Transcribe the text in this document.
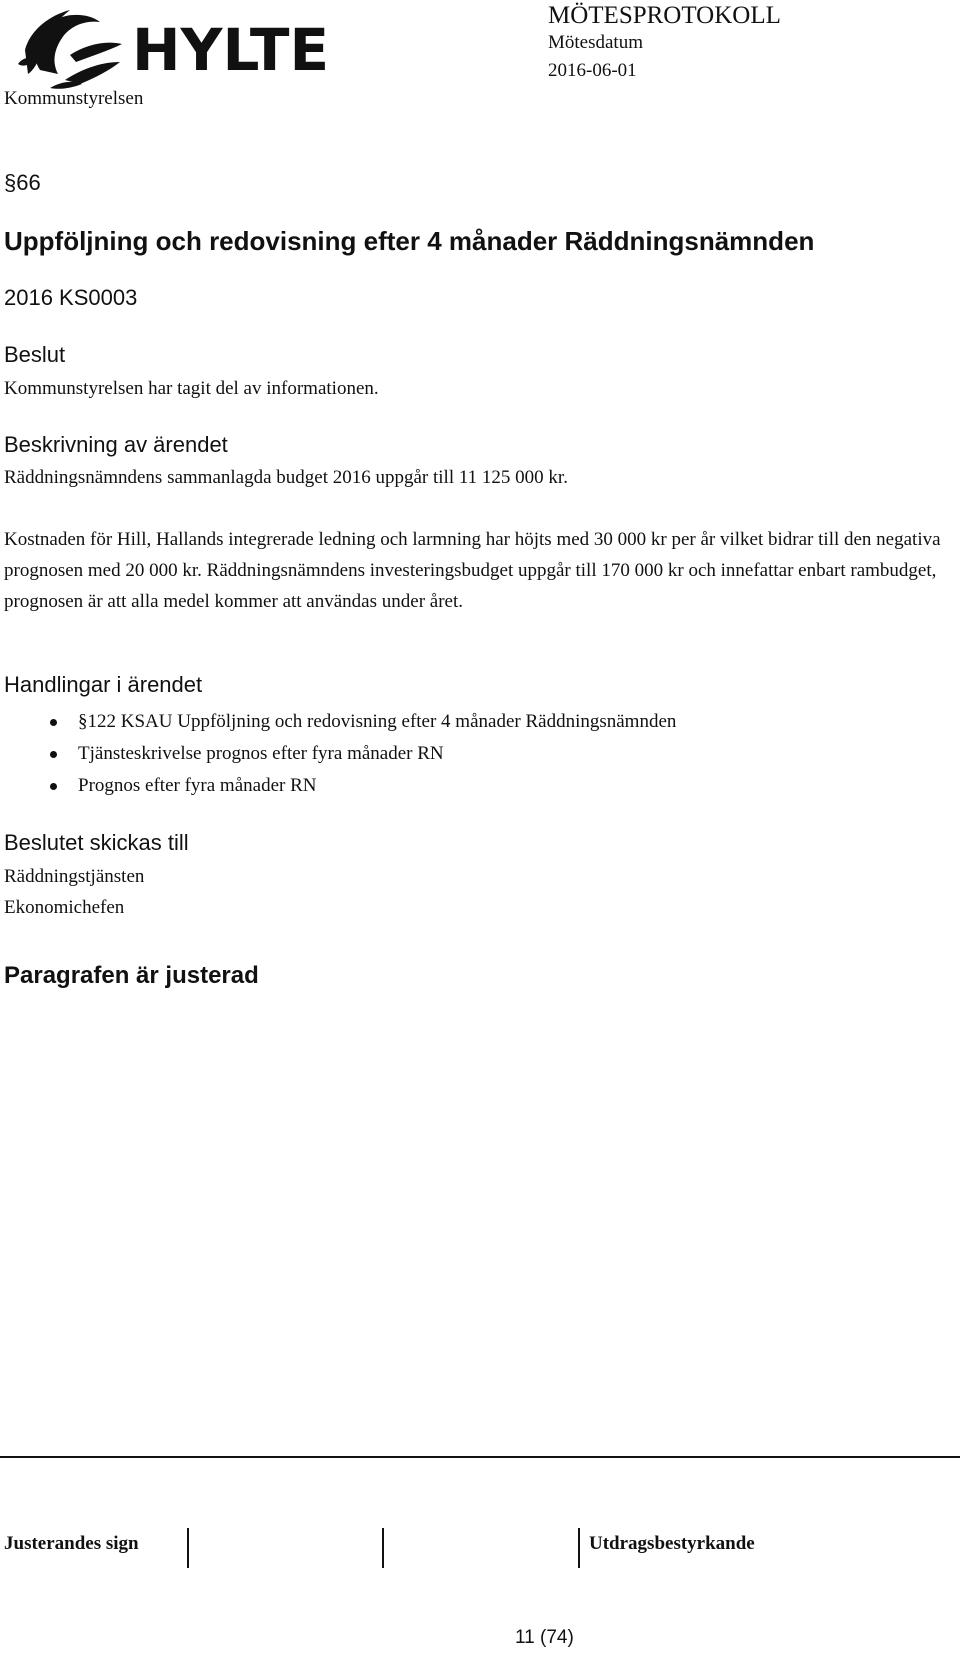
HYLTE
Kommunstyrelsen
MÖTESPROTOKOLL
Mötesdatum
2016-06-01
§66
Uppföljning och redovisning efter 4 månader Räddningsnämnden
2016 KS0003
Beslut
Kommunstyrelsen har tagit del av informationen.
Beskrivning av ärendet
Räddningsnämndens sammanlagda budget 2016 uppgår till 11 125 000 kr.
Kostnaden för Hill, Hallands integrerade ledning och larmning har höjts med 30 000 kr per år vilket bidrar till den negativa prognosen med 20 000 kr. Räddningsnämndens investeringsbudget uppgår till 170 000 kr och innefattar enbart rambudget, prognosen är att alla medel kommer att användas under året.
Handlingar i ärendet
§122 KSAU Uppföljning och redovisning efter 4 månader Räddningsnämnden
Tjänsteskrivelse prognos efter fyra månader RN
Prognos efter fyra månader RN
Beslutet skickas till
Räddningstjänsten
Ekonomichefen
Paragrafen är justerad
Justerandes sign	Utdragsbestyrkande
11 (74)
